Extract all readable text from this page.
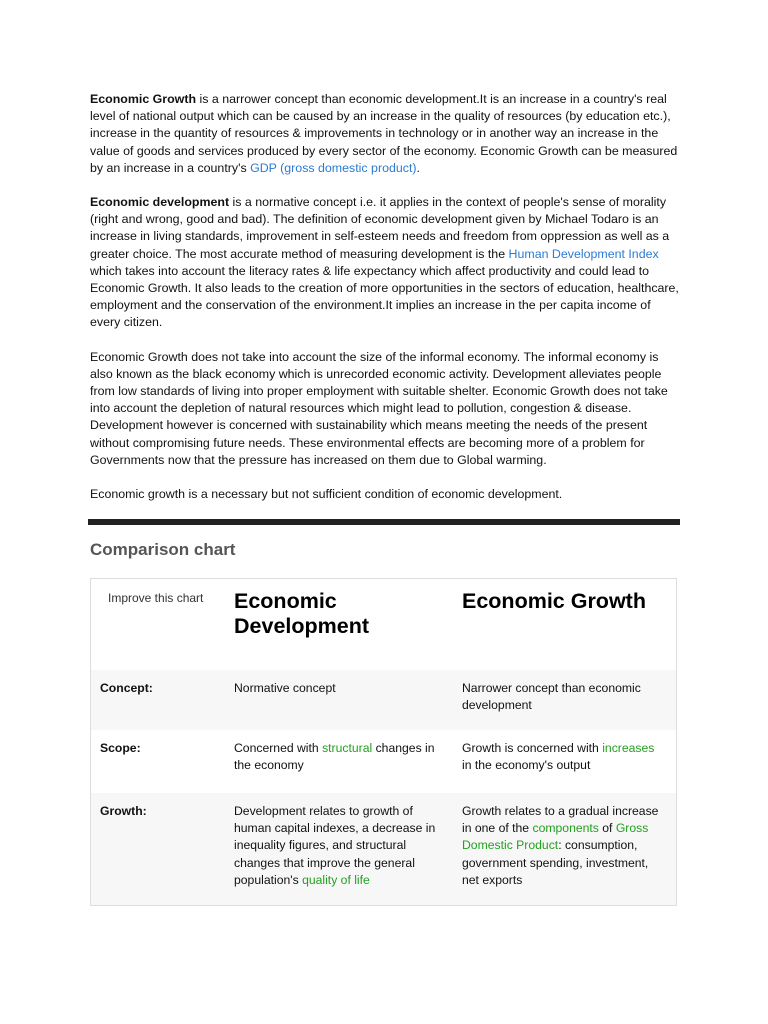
Economic Growth is a narrower concept than economic development.It is an increase in a country's real level of national output which can be caused by an increase in the quality of resources (by education etc.), increase in the quantity of resources & improvements in technology or in another way an increase in the value of goods and services produced by every sector of the economy. Economic Growth can be measured by an increase in a country's GDP (gross domestic product).

Economic development is a normative concept i.e. it applies in the context of people's sense of morality (right and wrong, good and bad). The definition of economic development given by Michael Todaro is an increase in living standards, improvement in self-esteem needs and freedom from oppression as well as a greater choice. The most accurate method of measuring development is the Human Development Index which takes into account the literacy rates & life expectancy which affect productivity and could lead to Economic Growth. It also leads to the creation of more opportunities in the sectors of education, healthcare, employment and the conservation of the environment.It implies an increase in the per capita income of every citizen.

Economic Growth does not take into account the size of the informal economy. The informal economy is also known as the black economy which is unrecorded economic activity. Development alleviates people from low standards of living into proper employment with suitable shelter. Economic Growth does not take into account the depletion of natural resources which might lead to pollution, congestion & disease. Development however is concerned with sustainability which means meeting the needs of the present without compromising future needs. These environmental effects are becoming more of a problem for Governments now that the pressure has increased on them due to Global warming.

Economic growth is a necessary but not sufficient condition of economic development.

Comparison chart
Improve this chart	Economic Development	Economic Growth
Concept:	Normative concept	Narrower concept than economic development
Scope:	Concerned with structural changes in the economy	Growth is concerned with increases in the economy's output
Growth:	Development relates to growth of human capital indexes, a decrease in inequality figures, and structural changes that improve the general population's quality of life	Growth relates to a gradual increase in one of the components of Gross Domestic Product: consumption, government spending, investment, net exports
